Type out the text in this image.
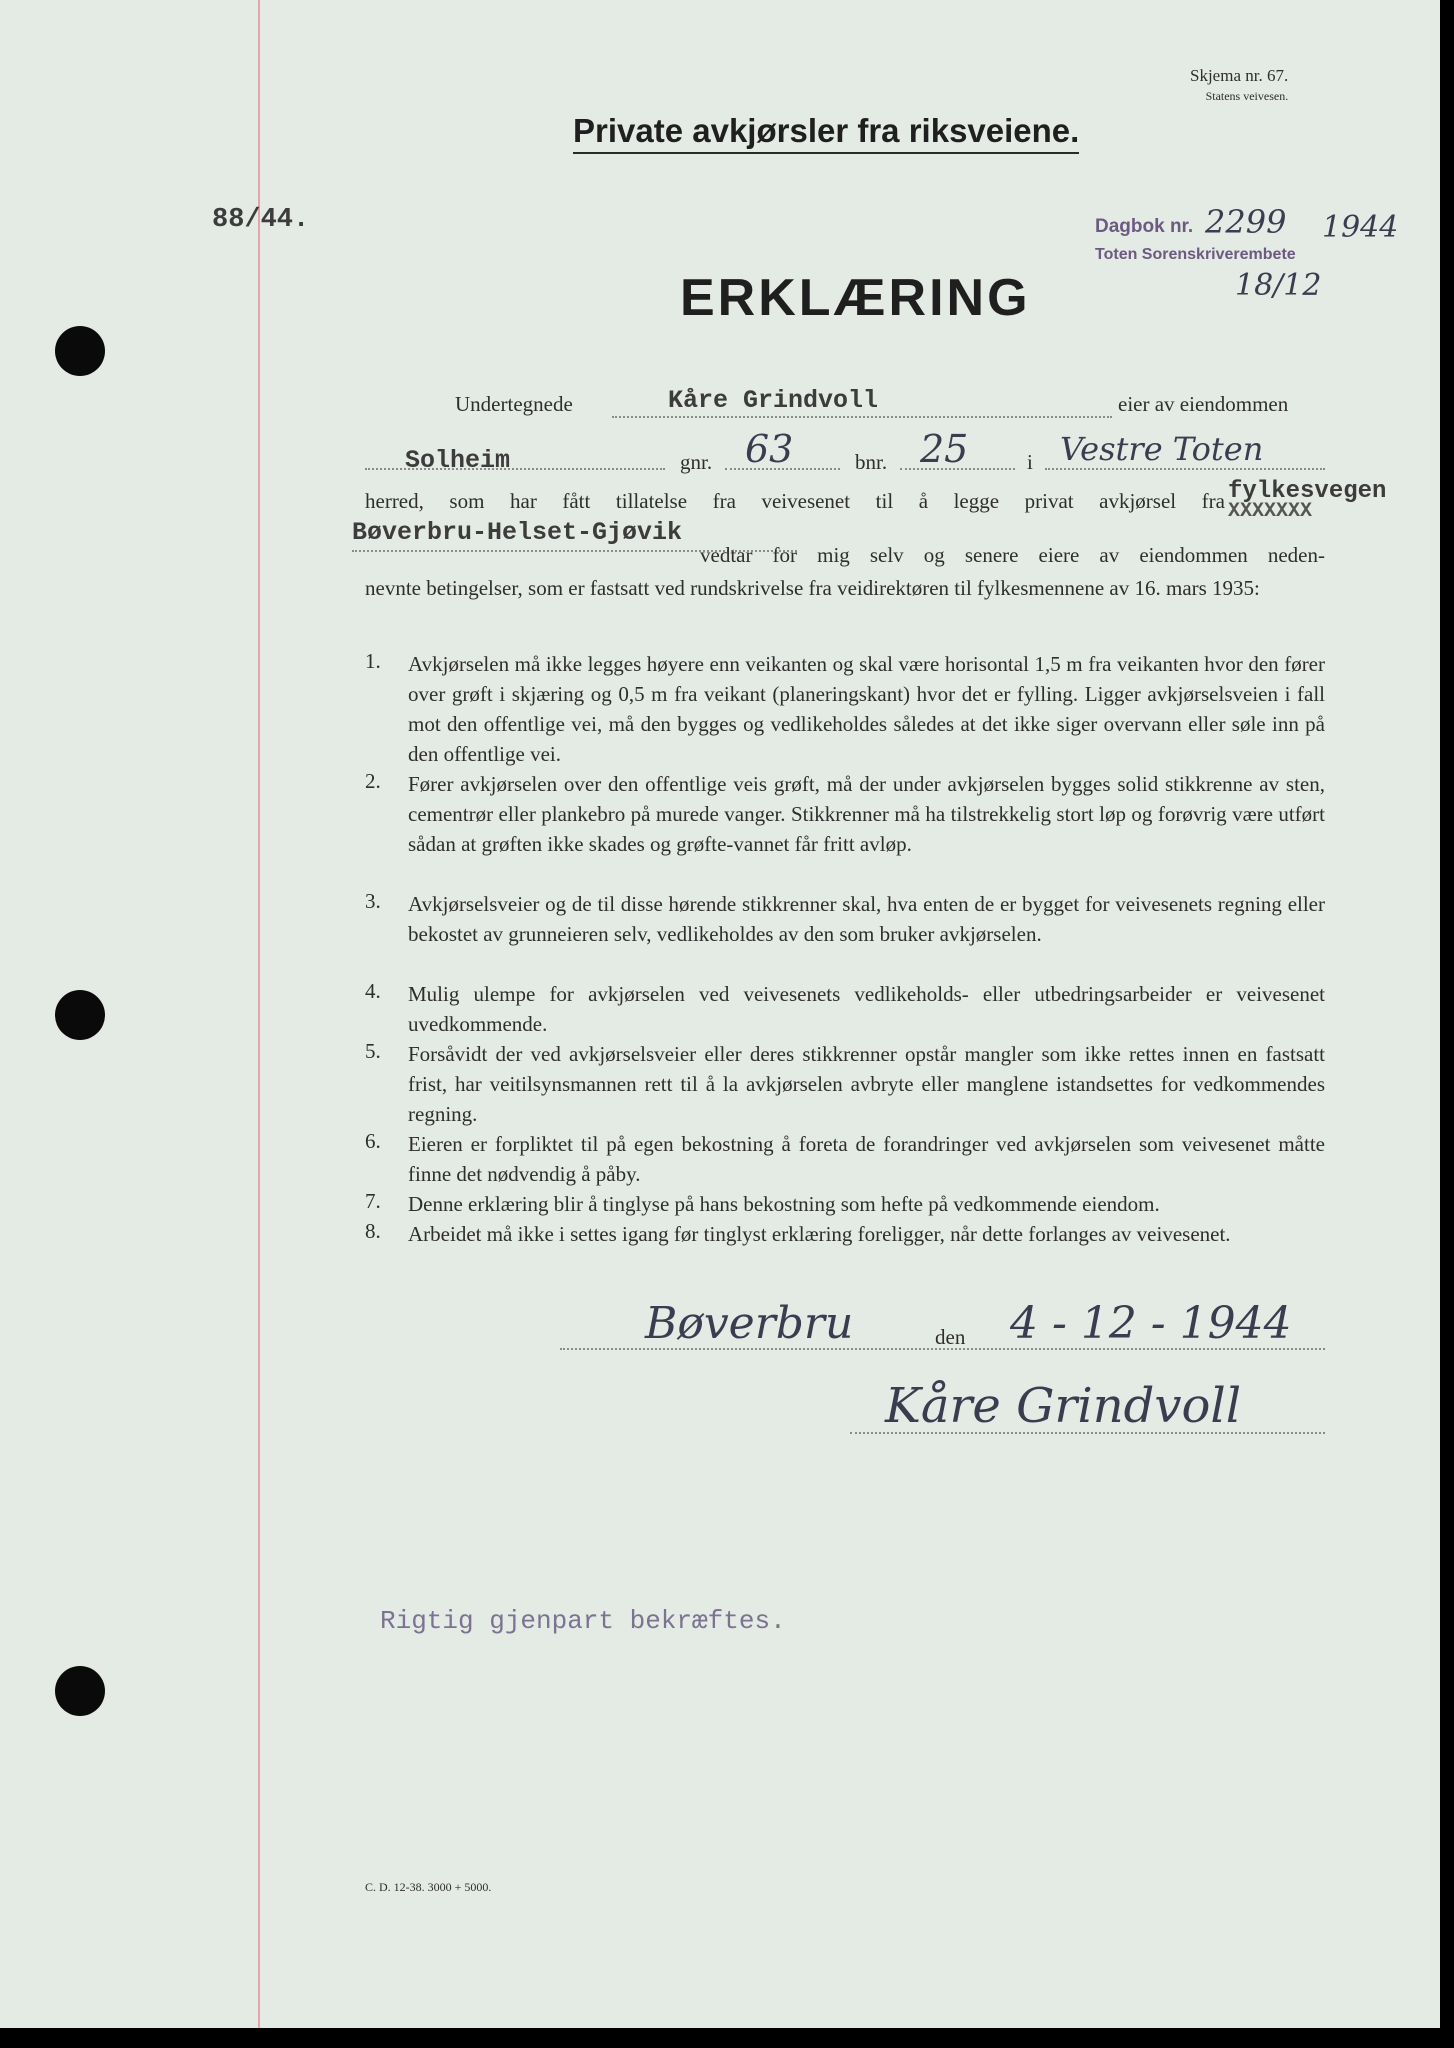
Skjema nr. 67.
Statens veivesen.
Private avkjørsler fra riksveiene.
88/44.	Dagbok nr. 2299 1944
Toten Sorenskriverembete
18/12
ERKLÆRING
Undertegnede	Kåre Grindvoll	eier av eiendommen
Solheim	gnr. 63	bnr. 25	i Vestre Toten
herred, som har fått tillatelse fra veivesenet til å legge privat avkjørsel fra fylkesvegen
XXXXXXX
Bøverbru-Helset-Gjøvik
vedtar for mig selv og senere eiere av eiendommen neden-
nevnte betingelser, som er fastsatt ved rundskrivelse fra veidirektøren til fylkesmennene av 16. mars 1935:
1.	Avkjørselen må ikke legges høyere enn veikanten og skal være horisontal 1,5 m fra veikanten hvor den fører over grøft i skjæring og 0,5 m fra veikant (planeringskant) hvor det er fylling. Ligger avkjørselsveien i fall mot den offentlige vei, må den bygges og vedlikeholdes således at det ikke siger overvann eller søle inn på den offentlige vei.
2.	Fører avkjørselen over den offentlige veis grøft, må der under avkjørselen bygges solid stikkrenne av sten, cementrør eller plankebro på murede vanger. Stikkrenner må ha tilstrekkelig stort løp og forøvrig være utført sådan at grøften ikke skades og grøfte-vannet får fritt avløp.
3.	Avkjørselsveier og de til disse hørende stikkrenner skal, hva enten de er bygget for veivesenets regning eller bekostet av grunneieren selv, vedlikeholdes av den som bruker avkjørselen.
4.	Mulig ulempe for avkjørselen ved veivesenets vedlikeholds- eller utbedringsarbeider er veivesenet uvedkommende.
5.	Forsåvidt der ved avkjørselsveier eller deres stikkrenner opstår mangler som ikke rettes innen en fastsatt frist, har veitilsynsmannen rett til å la avkjørselen avbryte eller manglene istandsettes for vedkommendes regning.
6.	Eieren er forpliktet til på egen bekostning å foreta de forandringer ved avkjørselen som veivesenet måtte finne det nødvendig å påby.
7.	Denne erklæring blir å tinglyse på hans bekostning som hefte på vedkommende eiendom.
8.	Arbeidet må ikke i settes igang før tinglyst erklæring foreligger, når dette forlanges av veivesenet.
Bøverbru	den 4 - 12 - 1944
Kåre Grindvoll
Rigtig gjenpart bekræftes.
C. D. 12-38. 3000 + 5000.
